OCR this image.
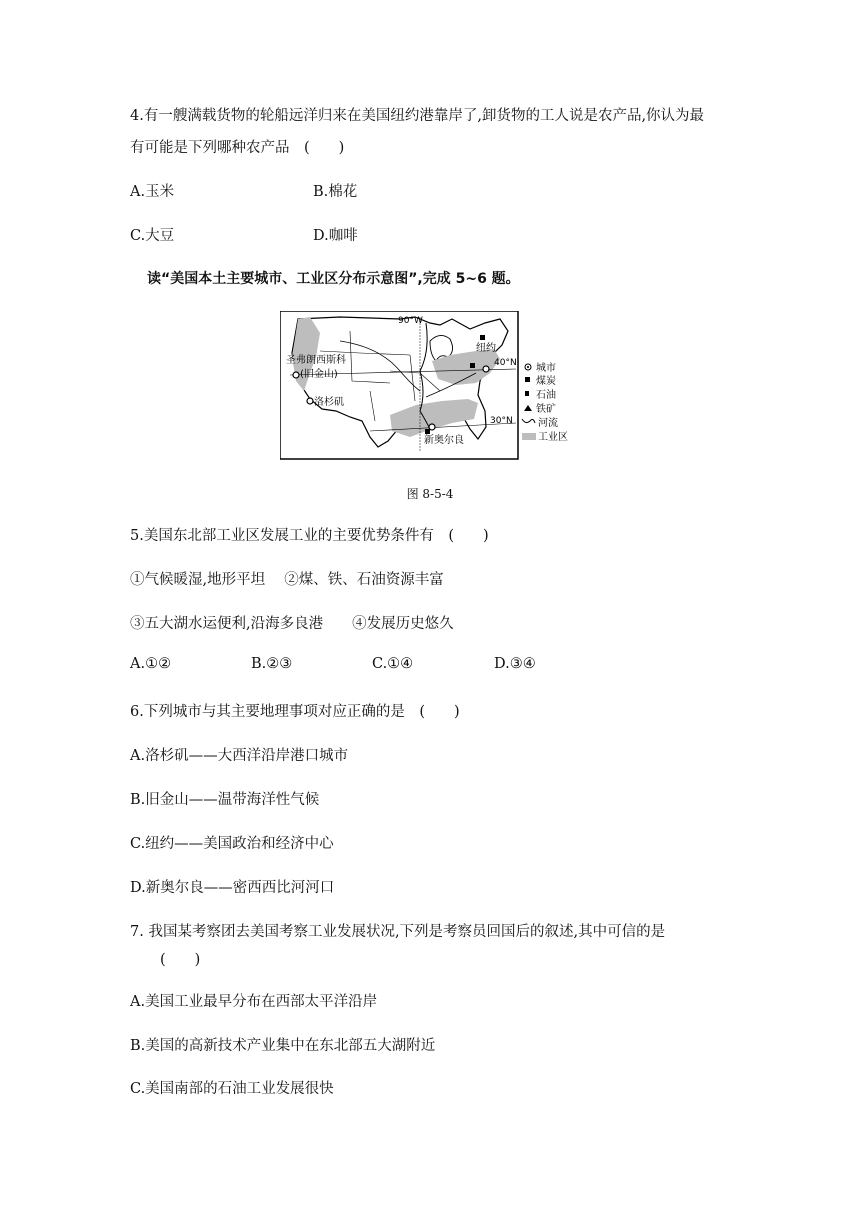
4.有一艘满载货物的轮船远洋归来在美国纽约港靠岸了,卸货物的工人说是农产品,你认为最
有可能是下列哪种农产品　(　　)
A.玉米	B.棉花
C.大豆	D.咖啡
读“美国本土主要城市、工业区分布示意图”,完成 5~6 题。
90°W
圣弗朗西斯科
(旧金山)
洛杉矶
纽约
新奥尔良
40°N
30°N
城市
煤炭
石油
铁矿
河流
工业区
图 8-5-4
5.美国东北部工业区发展工业的主要优势条件有　(　　)
①气候暖湿,地形平坦　 ②煤、铁、石油资源丰富
③五大湖水运便利,沿海多良港　　④发展历史悠久
A.①②	B.②③	C.①④	D.③④
6.下列城市与其主要地理事项对应正确的是　(　　)
A.洛杉矶——大西洋沿岸港口城市
B.旧金山——温带海洋性气候
C.纽约——美国政治和经济中心
D.新奥尔良——密西西比河河口
7. 我国某考察团去美国考察工业发展状况,下列是考察员回国后的叙述,其中可信的是
(　　)
A.美国工业最早分布在西部太平洋沿岸
B.美国的高新技术产业集中在东北部五大湖附近
C.美国南部的石油工业发展很快
